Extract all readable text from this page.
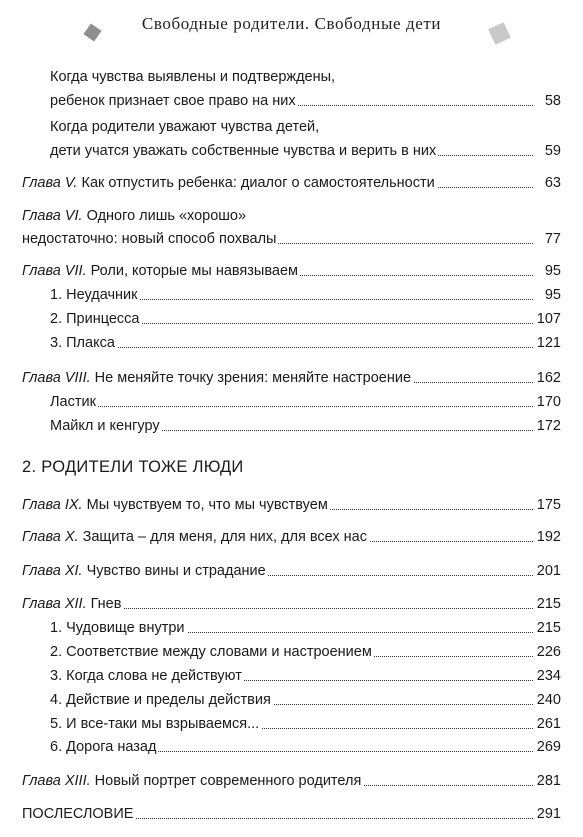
Свободные родители. Свободные дети
Когда чувства выявлены и подтверждены,
ребенок признает свое право на них	58
Когда родители уважают чувства детей,
дети учатся уважать собственные чувства и верить в них	59
Глава V. Как отпустить ребенка: диалог о самостоятельности	63
Глава VI. Одного лишь «хорошо»
недостаточно: новый способ похвалы	77
Глава VII. Роли, которые мы навязываем	95
1. Неудачник	95
2. Принцесса	107
3. Плакса	121
Глава VIII. Не меняйте точку зрения: меняйте настроение	162
Ластик	170
Майкл и кенгуру	172
2. РОДИТЕЛИ ТОЖЕ ЛЮДИ
Глава IX. Мы чувствуем то, что мы чувствуем	175
Глава X. Защита – для меня, для них, для всех нас	192
Глава XI. Чувство вины и страдание	201
Глава XII. Гнев	215
1. Чудовище внутри	215
2. Соответствие между словами и настроением	226
3. Когда слова не действуют	234
4. Действие и пределы действия	240
5. И все-таки мы взрываемся...	261
6. Дорога назад	269
Глава XIII. Новый портрет современного родителя	281
ПОСЛЕСЛОВИЕ	291
